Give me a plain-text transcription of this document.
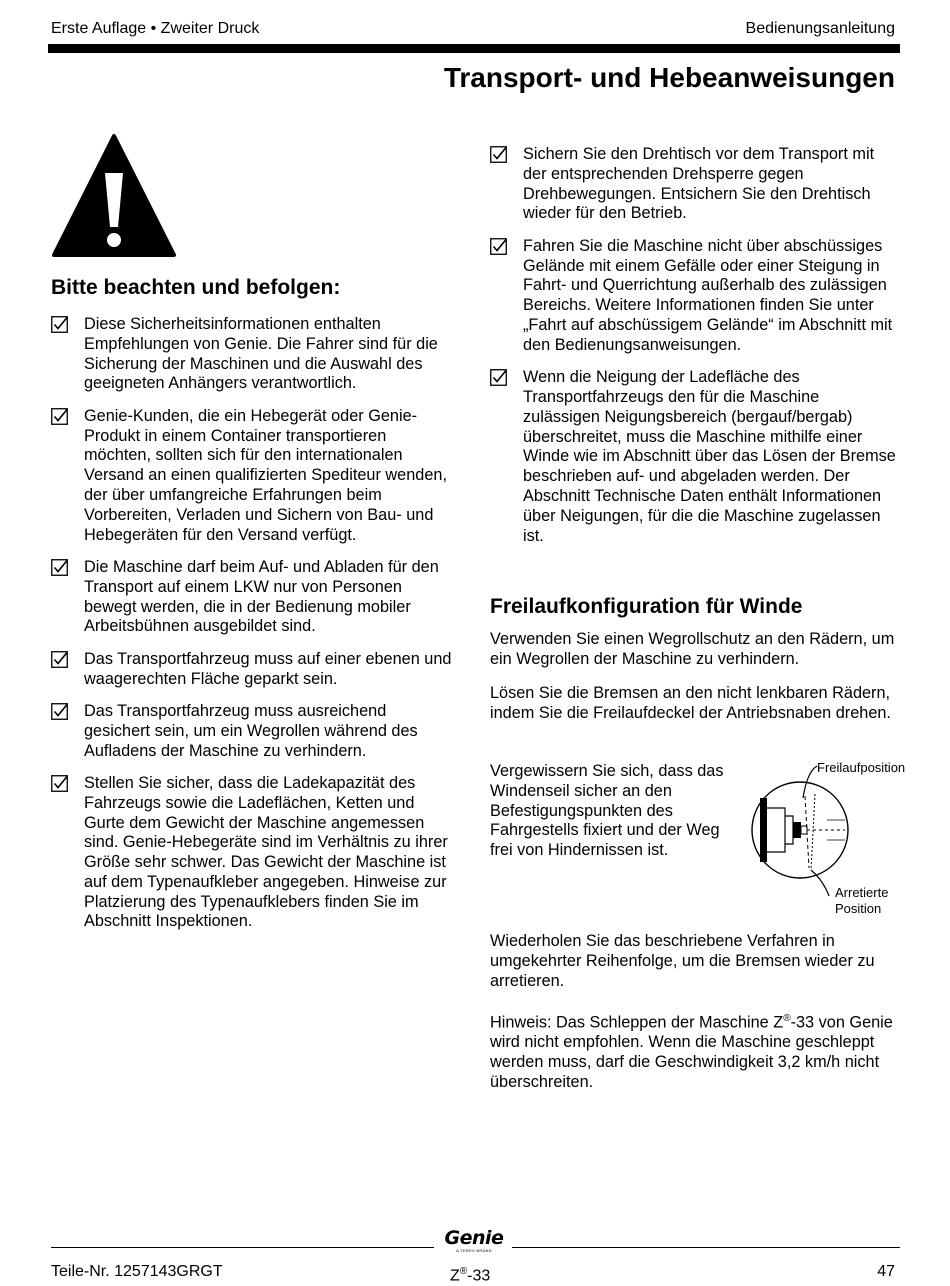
Erste Auflage • Zweiter Druck	Bedienungsanleitung
Transport- und Hebeanweisungen
Bitte beachten und befolgen:
Diese Sicherheitsinformationen enthalten Empfehlungen von Genie. Die Fahrer sind für die Sicherung der Maschinen und die Auswahl des geeigneten Anhängers verantwortlich.
Genie-Kunden, die ein Hebegerät oder Genie-Produkt in einem Container transportieren möchten, sollten sich für den internationalen Versand an einen qualifizierten Spediteur wenden, der über umfangreiche Erfahrungen beim Vorbereiten, Verladen und Sichern von Bau- und Hebegeräten für den Versand verfügt.
Die Maschine darf beim Auf- und Abladen für den Transport auf einem LKW nur von Personen bewegt werden, die in der Bedienung mobiler Arbeitsbühnen ausgebildet sind.
Das Transportfahrzeug muss auf einer ebenen und waagerechten Fläche geparkt sein.
Das Transportfahrzeug muss ausreichend gesichert sein, um ein Wegrollen während des Aufladens der Maschine zu verhindern.
Stellen Sie sicher, dass die Ladekapazität des Fahrzeugs sowie die Ladeflächen, Ketten und Gurte dem Gewicht der Maschine angemessen sind. Genie-Hebegeräte sind im Verhältnis zu ihrer Größe sehr schwer. Das Gewicht der Maschine ist auf dem Typenaufkleber angegeben. Hinweise zur Platzierung des Typenaufklebers finden Sie im Abschnitt Inspektionen.
Sichern Sie den Drehtisch vor dem Transport mit der entsprechenden Drehsperre gegen Drehbewegungen. Entsichern Sie den Drehtisch wieder für den Betrieb.
Fahren Sie die Maschine nicht über abschüssiges Gelände mit einem Gefälle oder einer Steigung in Fahrt- und Querrichtung außerhalb des zulässigen Bereichs. Weitere Informationen finden Sie unter „Fahrt auf abschüssigem Gelände“ im Abschnitt mit den Bedienungsanweisungen.
Wenn die Neigung der Ladefläche des Transportfahrzeugs den für die Maschine zulässigen Neigungsbereich (bergauf/bergab) überschreitet, muss die Maschine mithilfe einer Winde wie im Abschnitt über das Lösen der Bremse beschrieben auf- und abgeladen werden. Der Abschnitt Technische Daten enthält Informationen über Neigungen, für die die Maschine zugelassen ist.
Freilaufkonfiguration für Winde

Verwenden Sie einen Wegrollschutz an den Rädern, um ein Wegrollen der Maschine zu verhindern.

Lösen Sie die Bremsen an den nicht lenkbaren Rädern, indem Sie die Freilaufdeckel der Antriebsnaben drehen.

Vergewissern Sie sich, dass das Windenseil sicher an den Befestigungspunkten des Fahrgestells fixiert und der Weg frei von Hindernissen ist.

Freilaufposition
Arretierte
Position

Wiederholen Sie das beschriebene Verfahren in umgekehrter Reihenfolge, um die Bremsen wieder zu arretieren.

Hinweis: Das Schleppen der Maschine Z®-33 von Genie wird nicht empfohlen. Wenn die Maschine geschleppt werden muss, darf die Geschwindigkeit 3,2 km/h nicht überschreiten.

Genie
A TEREX BRAND
Teile-Nr. 1257143GRGT	Z®-33	47
